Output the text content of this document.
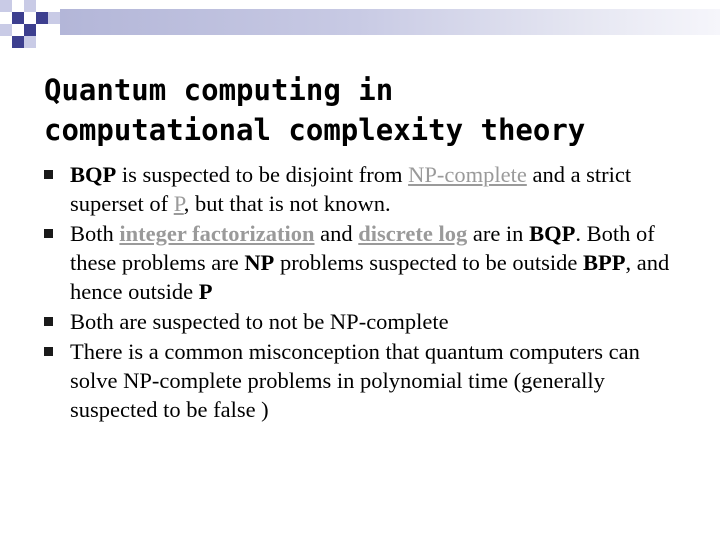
Quantum computing in
computational complexity theory
BQP is suspected to be disjoint from NP-complete and a strict superset of P, but that is not known.
Both integer factorization and discrete log are in BQP. Both of these problems are NP problems suspected to be outside BPP, and hence outside P
Both are suspected to not be NP-complete
There is a common misconception that quantum computers can solve NP-complete problems in polynomial time (generally suspected to be false )
